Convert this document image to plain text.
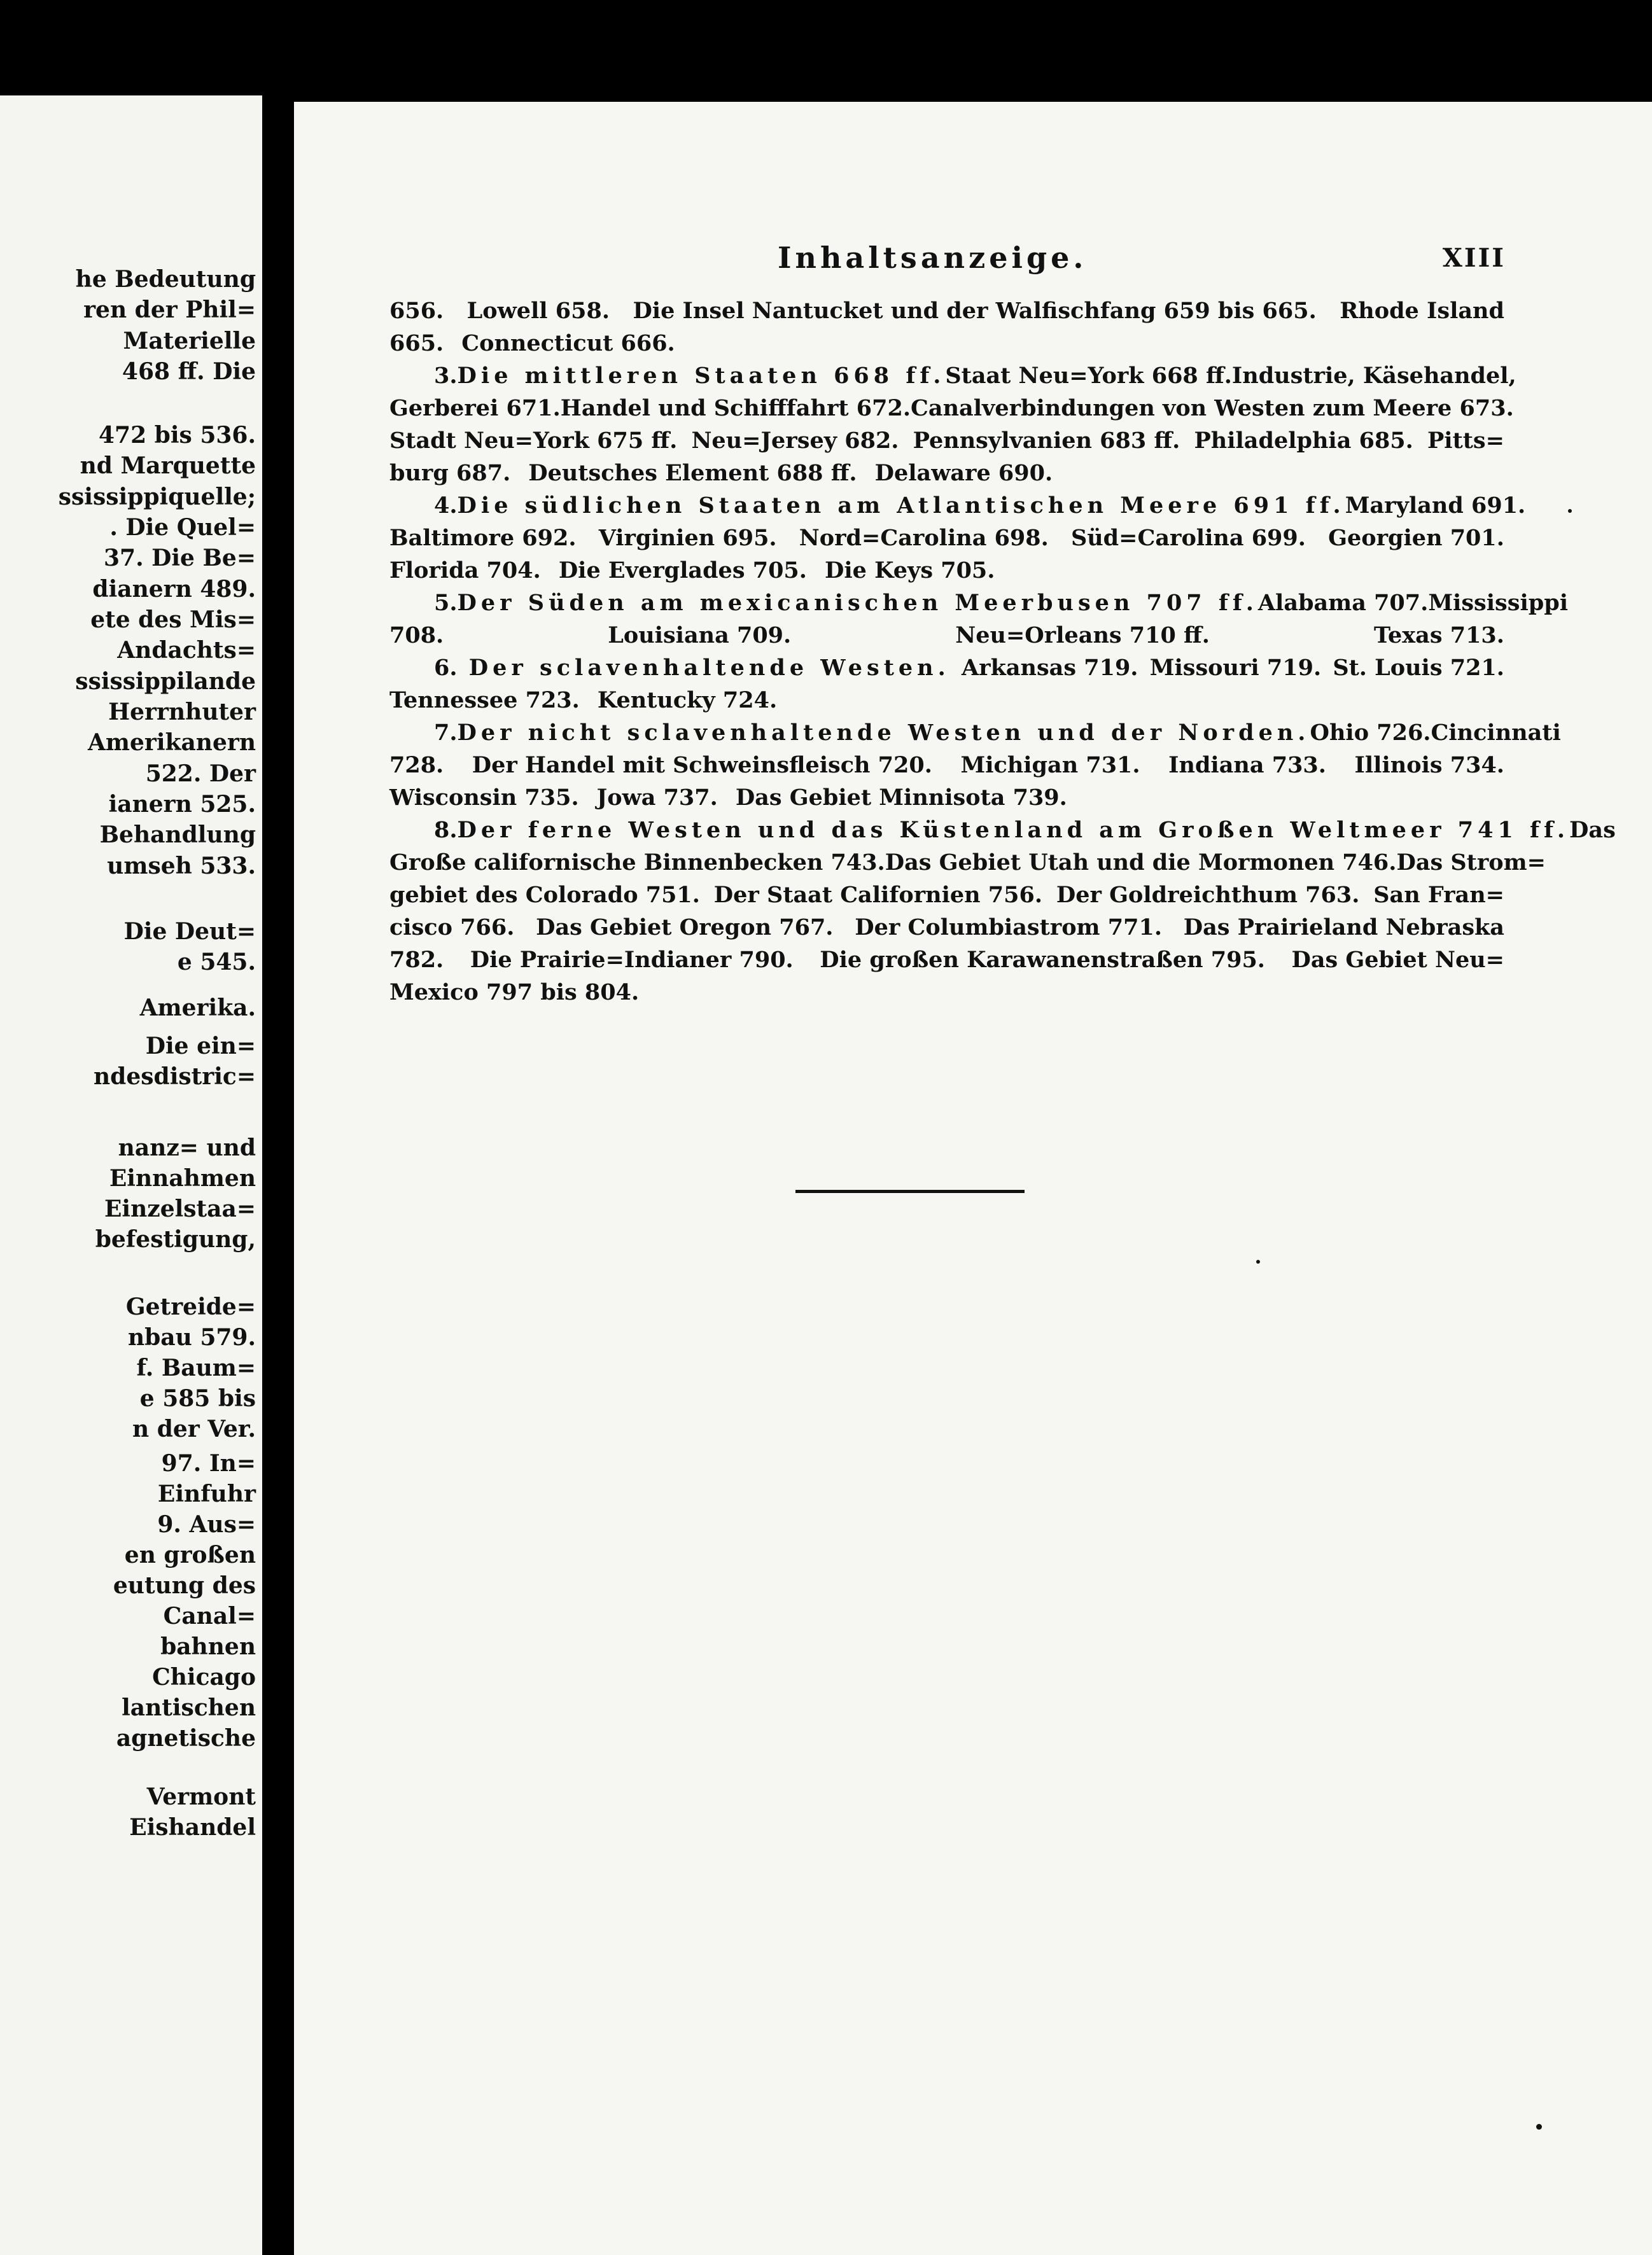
he Bedeutung
ren der Phil=
Materielle
468 ff. Die
472 bis 536.
nd Marquette
ssissippiquelle;
. Die Quel=
37. Die Be=
dianern 489.
ete des Mis=
Andachts=
ssissippilande
Herrnhuter
Amerikanern
522. Der
ianern 525.
Behandlung
umseh 533.
Die Deut=
e 545.
Amerika.
Die ein=
ndesdistric=
nanz= und
Einnahmen
Einzelstaa=
befestigung,
Getreide=
nbau 579.
f. Baum=
e 585 bis
n der Ver.
97. In=
Einfuhr
9. Aus=
en großen
eutung des
Canal=
bahnen
Chicago
lantischen
agnetische
Vermont
Eishandel
Inhaltsanzeige.	XIII
656. Lowell 658. Die Insel Nantucket und der Walfischfang 659 bis 665. Rhode Island
665. Connecticut 666.
3. Die mittleren Staaten 668 ff. Staat Neu=York 668 ff. Industrie, Käsehandel,
Gerberei 671. Handel und Schifffahrt 672. Canalverbindungen von Westen zum Meere 673.
Stadt Neu=York 675 ff. Neu=Jersey 682. Pennsylvanien 683 ff. Philadelphia 685. Pitts=
burg 687. Deutsches Element 688 ff. Delaware 690.
4. Die südlichen Staaten am Atlantischen Meere 691 ff. Maryland 691.
Baltimore 692. Virginien 695. Nord=Carolina 698. Süd=Carolina 699. Georgien 701.
Florida 704. Die Everglades 705. Die Keys 705.
5. Der Süden am mexicanischen Meerbusen 707 ff. Alabama 707. Mississippi
708.	Louisiana 709.	Neu=Orleans 710 ff.	Texas 713.
6. Der sclavenhaltende Westen. Arkansas 719. Missouri 719. St. Louis 721.
Tennessee 723. Kentucky 724.
7. Der nicht sclavenhaltende Westen und der Norden. Ohio 726. Cincinnati
728. Der Handel mit Schweinsfleisch 720. Michigan 731. Indiana 733. Illinois 734.
Wisconsin 735. Jowa 737. Das Gebiet Minnisota 739.
8. Der ferne Westen und das Küstenland am Großen Weltmeer 741 ff. Das
Große californische Binnenbecken 743. Das Gebiet Utah und die Mormonen 746. Das Strom=
gebiet des Colorado 751. Der Staat Californien 756. Der Goldreichthum 763. San Fran=
cisco 766. Das Gebiet Oregon 767. Der Columbiastrom 771. Das Prairieland Nebraska
782. Die Prairie=Indianer 790. Die großen Karawanenstraßen 795. Das Gebiet Neu=
Mexico 797 bis 804.
